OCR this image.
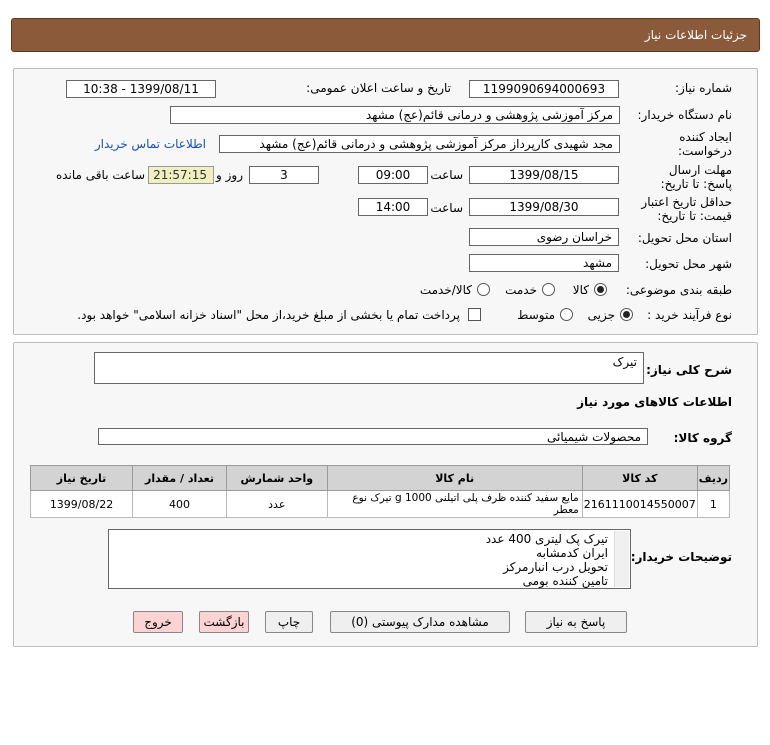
جزئیات اطلاعات نیاز
شماره نیاز:
1199090694000693
تاریخ و ساعت اعلان عمومی:
1399/08/11 - 10:38
نام دستگاه خریدار:
مرکز آموزشی پژوهشی و درمانی قائم(عج) مشهد
ایجاد کننده درخواست:
مجد شهیدی کارپرداز مرکز آموزشی پژوهشی و درمانی قائم(عج) مشهد
اطلاعات تماس خریدار
مهلت ارسال پاسخ: تا تاریخ:
1399/08/15
ساعت
09:00
3
روز و
21:57:15
ساعت باقی مانده
حداقل تاریخ اعتبار قیمت: تا تاریخ:
1399/08/30
ساعت
14:00
استان محل تحویل:
خراسان رضوی
شهر محل تحویل:
مشهد
طبقه بندی موضوعی:
کالا
خدمت
کالا/خدمت
نوع فرآیند خرید :
جزیی
متوسط
پرداخت تمام یا بخشی از مبلغ خرید،از محل "اسناد خزانه اسلامی" خواهد بود.
شرح کلی نیاز:
تیرک
اطلاعات کالاهای مورد نیاز
گروه کالا:
محصولات شیمیائی
ردیف	کد کالا	نام کالا	واحد شمارش	تعداد / مقدار	تاریخ نیاز
1	2161110014550007	مایع سفید کننده ظرف پلی اتیلنی 1000 g تیرک نوع معطر	عدد	400	1399/08/22
توضیحات خریدار:
تیرک پک لیتری 400 عدد
ایران کدمشابه
تحویل درب انبارمرکز
تامین کننده بومی
پاسخ به نیاز
مشاهده مدارک پیوستی (0)
چاپ
بازگشت
خروج
